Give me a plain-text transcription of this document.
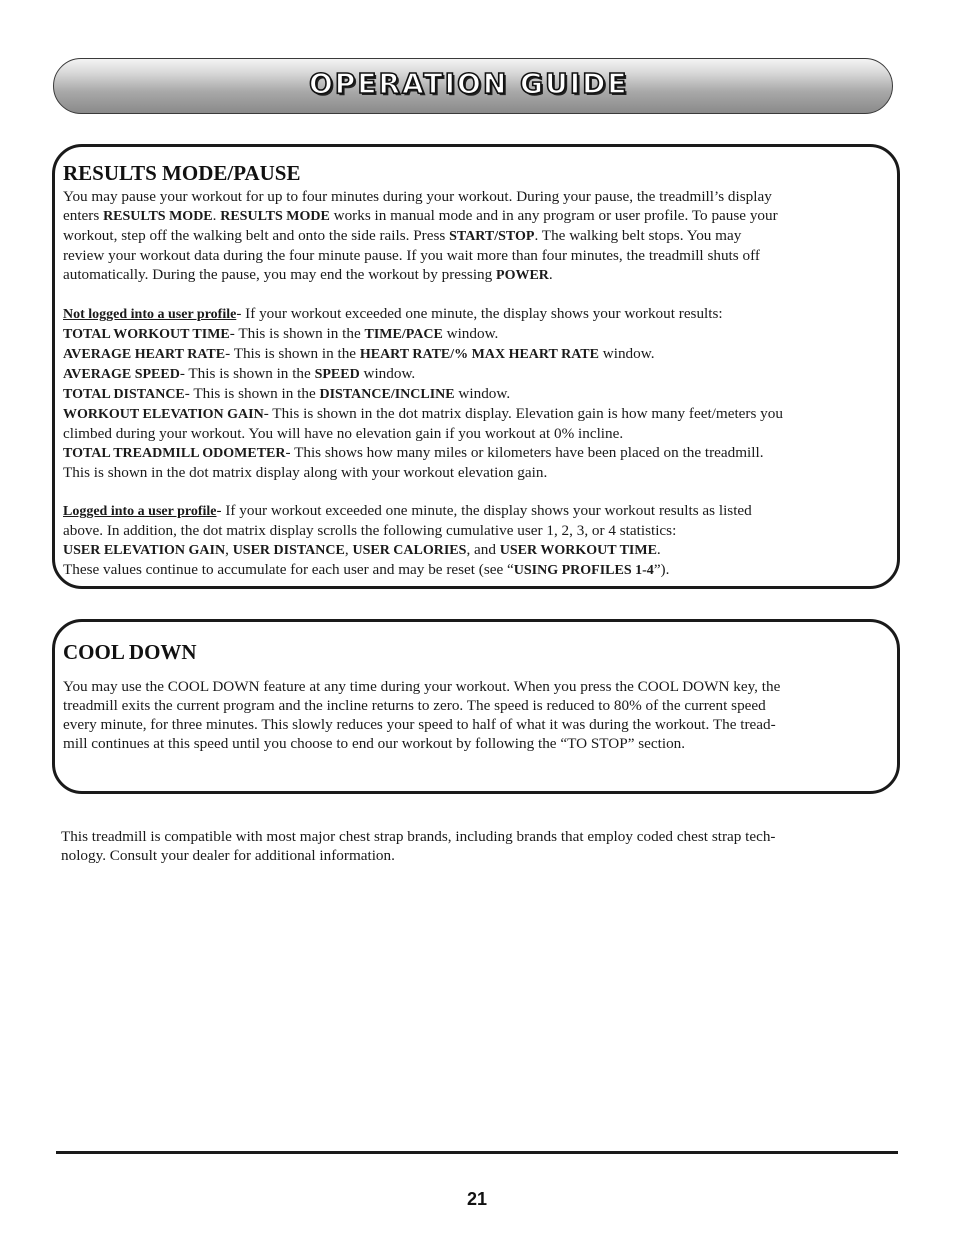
OPERATION GUIDE
RESULTS MODE/PAUSE
You may pause your workout for up to four minutes during your workout. During your pause, the treadmill’s display
enters RESULTS MODE. RESULTS MODE works in manual mode and in any program or user profile. To pause your
workout, step off the walking belt and onto the side rails. Press START/STOP. The walking belt stops. You may
review your workout data during the four minute pause. If you wait more than four minutes, the treadmill shuts off
automatically. During the pause, you may end the workout by pressing POWER.
Not logged into a user profile- If your workout exceeded one minute, the display shows your workout results:
TOTAL WORKOUT TIME- This is shown in the TIME/PACE window.
AVERAGE HEART RATE- This is shown in the HEART RATE/% MAX HEART RATE window.
AVERAGE SPEED- This is shown in the SPEED window.
TOTAL DISTANCE- This is shown in the DISTANCE/INCLINE window.
WORKOUT ELEVATION GAIN- This is shown in the dot matrix display. Elevation gain is how many feet/meters you
climbed during your workout. You will have no elevation gain if you workout at 0% incline.
TOTAL TREADMILL ODOMETER- This shows how many miles or kilometers have been placed on the treadmill.
This is shown in the dot matrix display along with your workout elevation gain.
Logged into a user profile- If your workout exceeded one minute, the display shows your workout results as listed
above. In addition, the dot matrix display scrolls the following cumulative user 1, 2, 3, or 4 statistics:
USER ELEVATION GAIN, USER DISTANCE, USER CALORIES, and USER WORKOUT TIME.
These values continue to accumulate for each user and may be reset (see “USING PROFILES 1-4”).
COOL DOWN
You may use the COOL DOWN feature at any time during your workout. When you press the COOL DOWN key, the
treadmill exits the current program and the incline returns to zero. The speed is reduced to 80% of the current speed
every minute, for three minutes. This slowly reduces your speed to half of what it was during the workout. The tread-
mill continues at this speed until you choose to end our workout by following the “TO STOP” section.
This treadmill is compatible with most major chest strap brands, including brands that employ coded chest strap tech-
nology. Consult your dealer for additional information.
21
